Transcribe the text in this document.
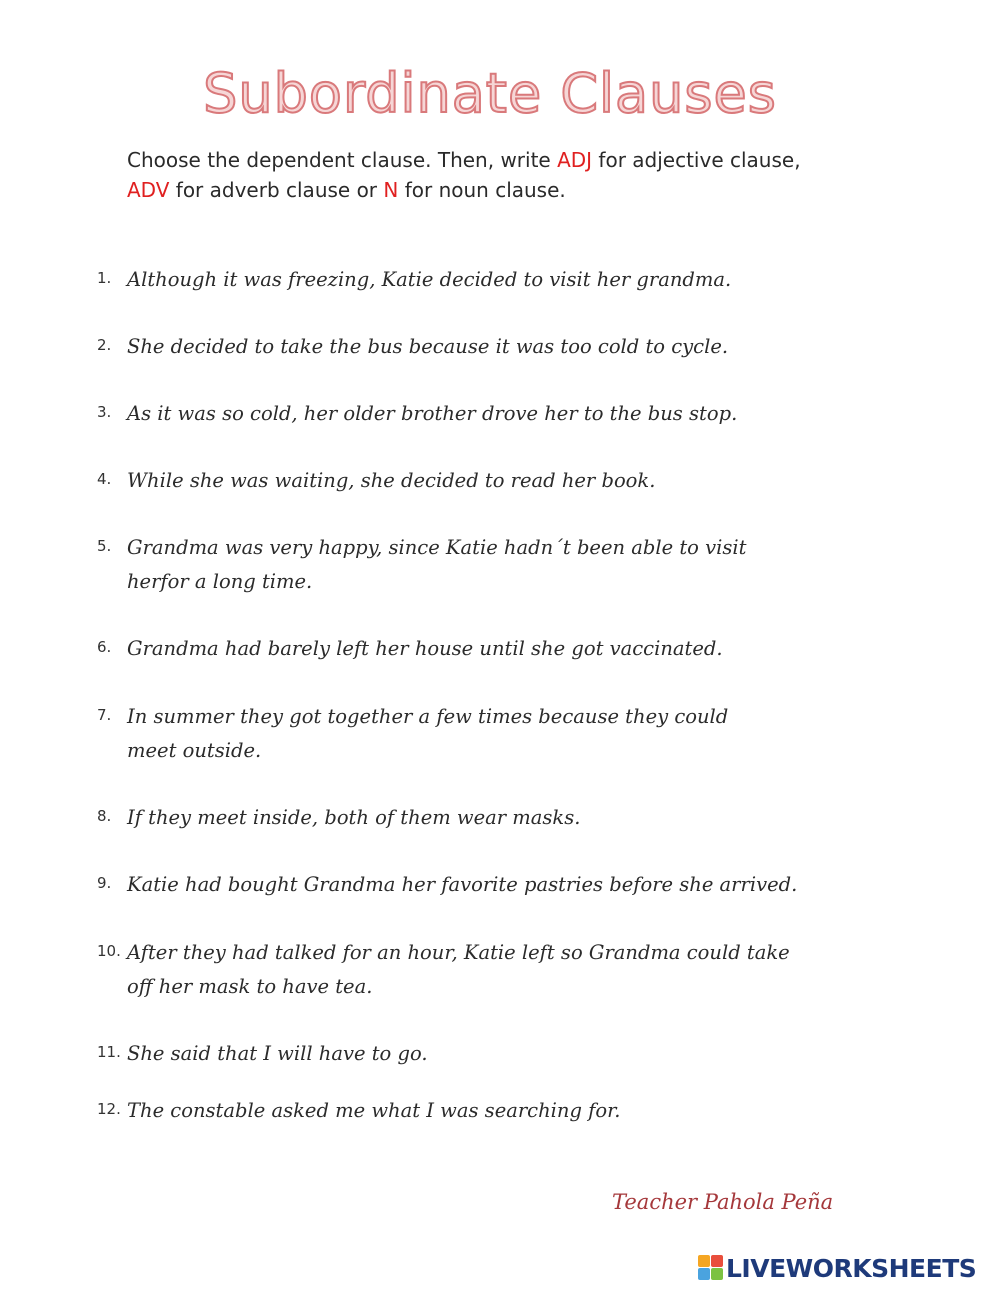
Subordinate Clauses
Choose the dependent clause. Then, write ADJ for adjective clause,
ADV for adverb clause or N for noun clause.
1. Although it was freezing, Katie decided to visit her grandma.
2. She decided to take the bus because it was too cold to cycle.
3. As it was so cold, her older brother drove her to the bus stop.
4. While she was waiting, she decided to read her book.
5. Grandma was very happy, since Katie hadn´t been able to visit herfor a long time.
6. Grandma had barely left her house until she got vaccinated.
7. In summer they got together a few times because they could meet outside.
8. If they meet inside, both of them wear masks.
9. Katie had bought Grandma her favorite pastries before she arrived.
10. After they had talked for an hour, Katie left so Grandma could take off her mask to have tea.
11. She said that I will have to go.
12. The constable asked me what I was searching for.
Teacher Pahola Peña
LIVEWORKSHEETS
